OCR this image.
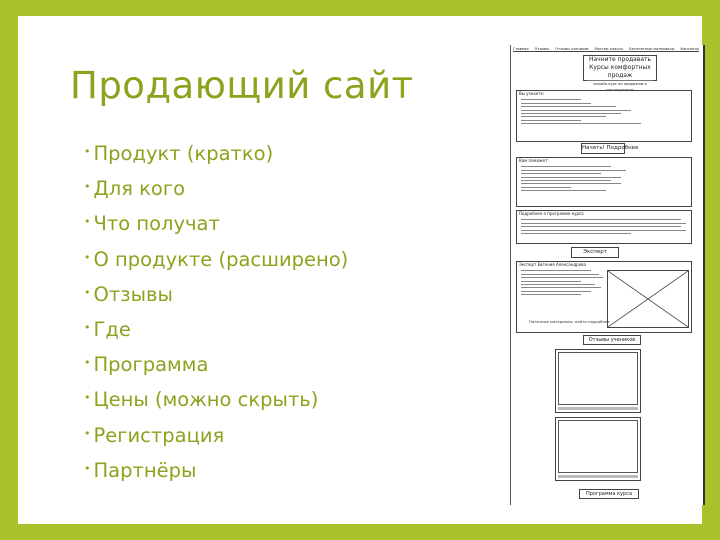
Продающий сайт
• Продукт (кратко)
• Для кого
• Что получат
• О продукте (расширено)
• Отзывы
• Где
• Программа
• Цены (можно скрыть)
• Регистрация
• Партнёры
Главная Отзывы Отзывы учеников Мастер-классы Бесплатные материалы Контакты
Начните продавать
Курсы комфортных продаж
онлайн-курс по продажам в мессенджерах
Вы узнаете:
Начать! Подробнее
Вам поможет:
Подробнее о программе курса
Эксперт
Эксперт Евгения Александрова
Полезные материалы: найти подробнее
Отзывы учеников
Программа курса
